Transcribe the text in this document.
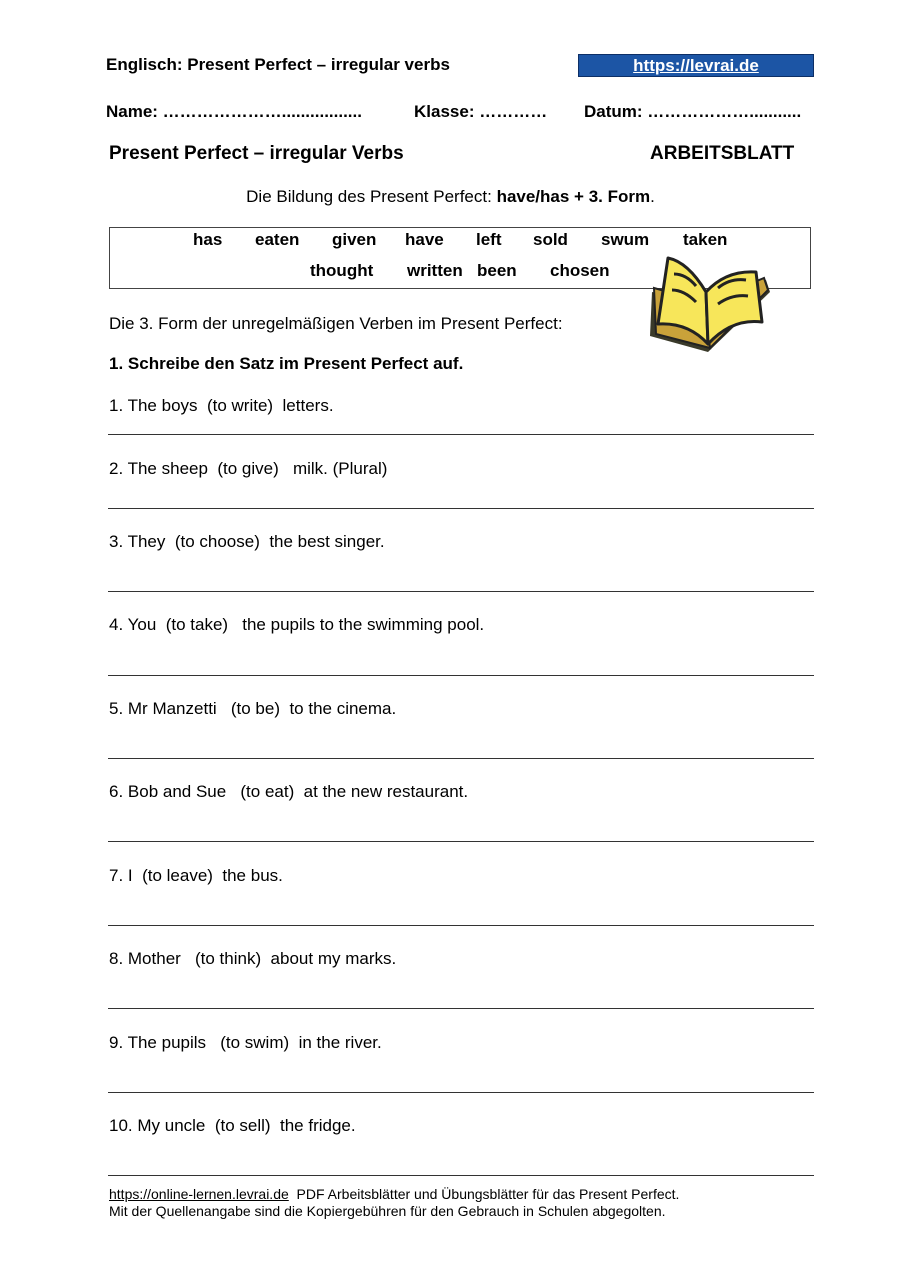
Englisch: Present Perfect – irregular verbs	https://levrai.de
Name: ………………….................	Klasse: ………… Datum: ………………...........
Present Perfect – irregular Verbs	ARBEITSBLATT
Die Bildung des Present Perfect: have/has + 3. Form.
has eaten given have left sold swum taken
thought written been chosen
Die 3. Form der unregelmäßigen Verben im Present Perfect:
1. Schreibe den Satz im Present Perfect auf.
1. The boys  (to write)  letters.
2. The sheep  (to give)   milk. (Plural)
3. They  (to choose)  the best singer.
4. You  (to take)   the pupils to the swimming pool.
5. Mr Manzetti   (to be)  to the cinema.
6. Bob and Sue   (to eat)  at the new restaurant.
7. I  (to leave)  the bus.
8. Mother   (to think)  about my marks.
9. The pupils   (to swim)  in the river.
10. My uncle  (to sell)  the fridge.
https://online-lernen.levrai.de  PDF Arbeitsblätter und Übungsblätter für das Present Perfect.
Mit der Quellenangabe sind die Kopiergebühren für den Gebrauch in Schulen abgegolten.
